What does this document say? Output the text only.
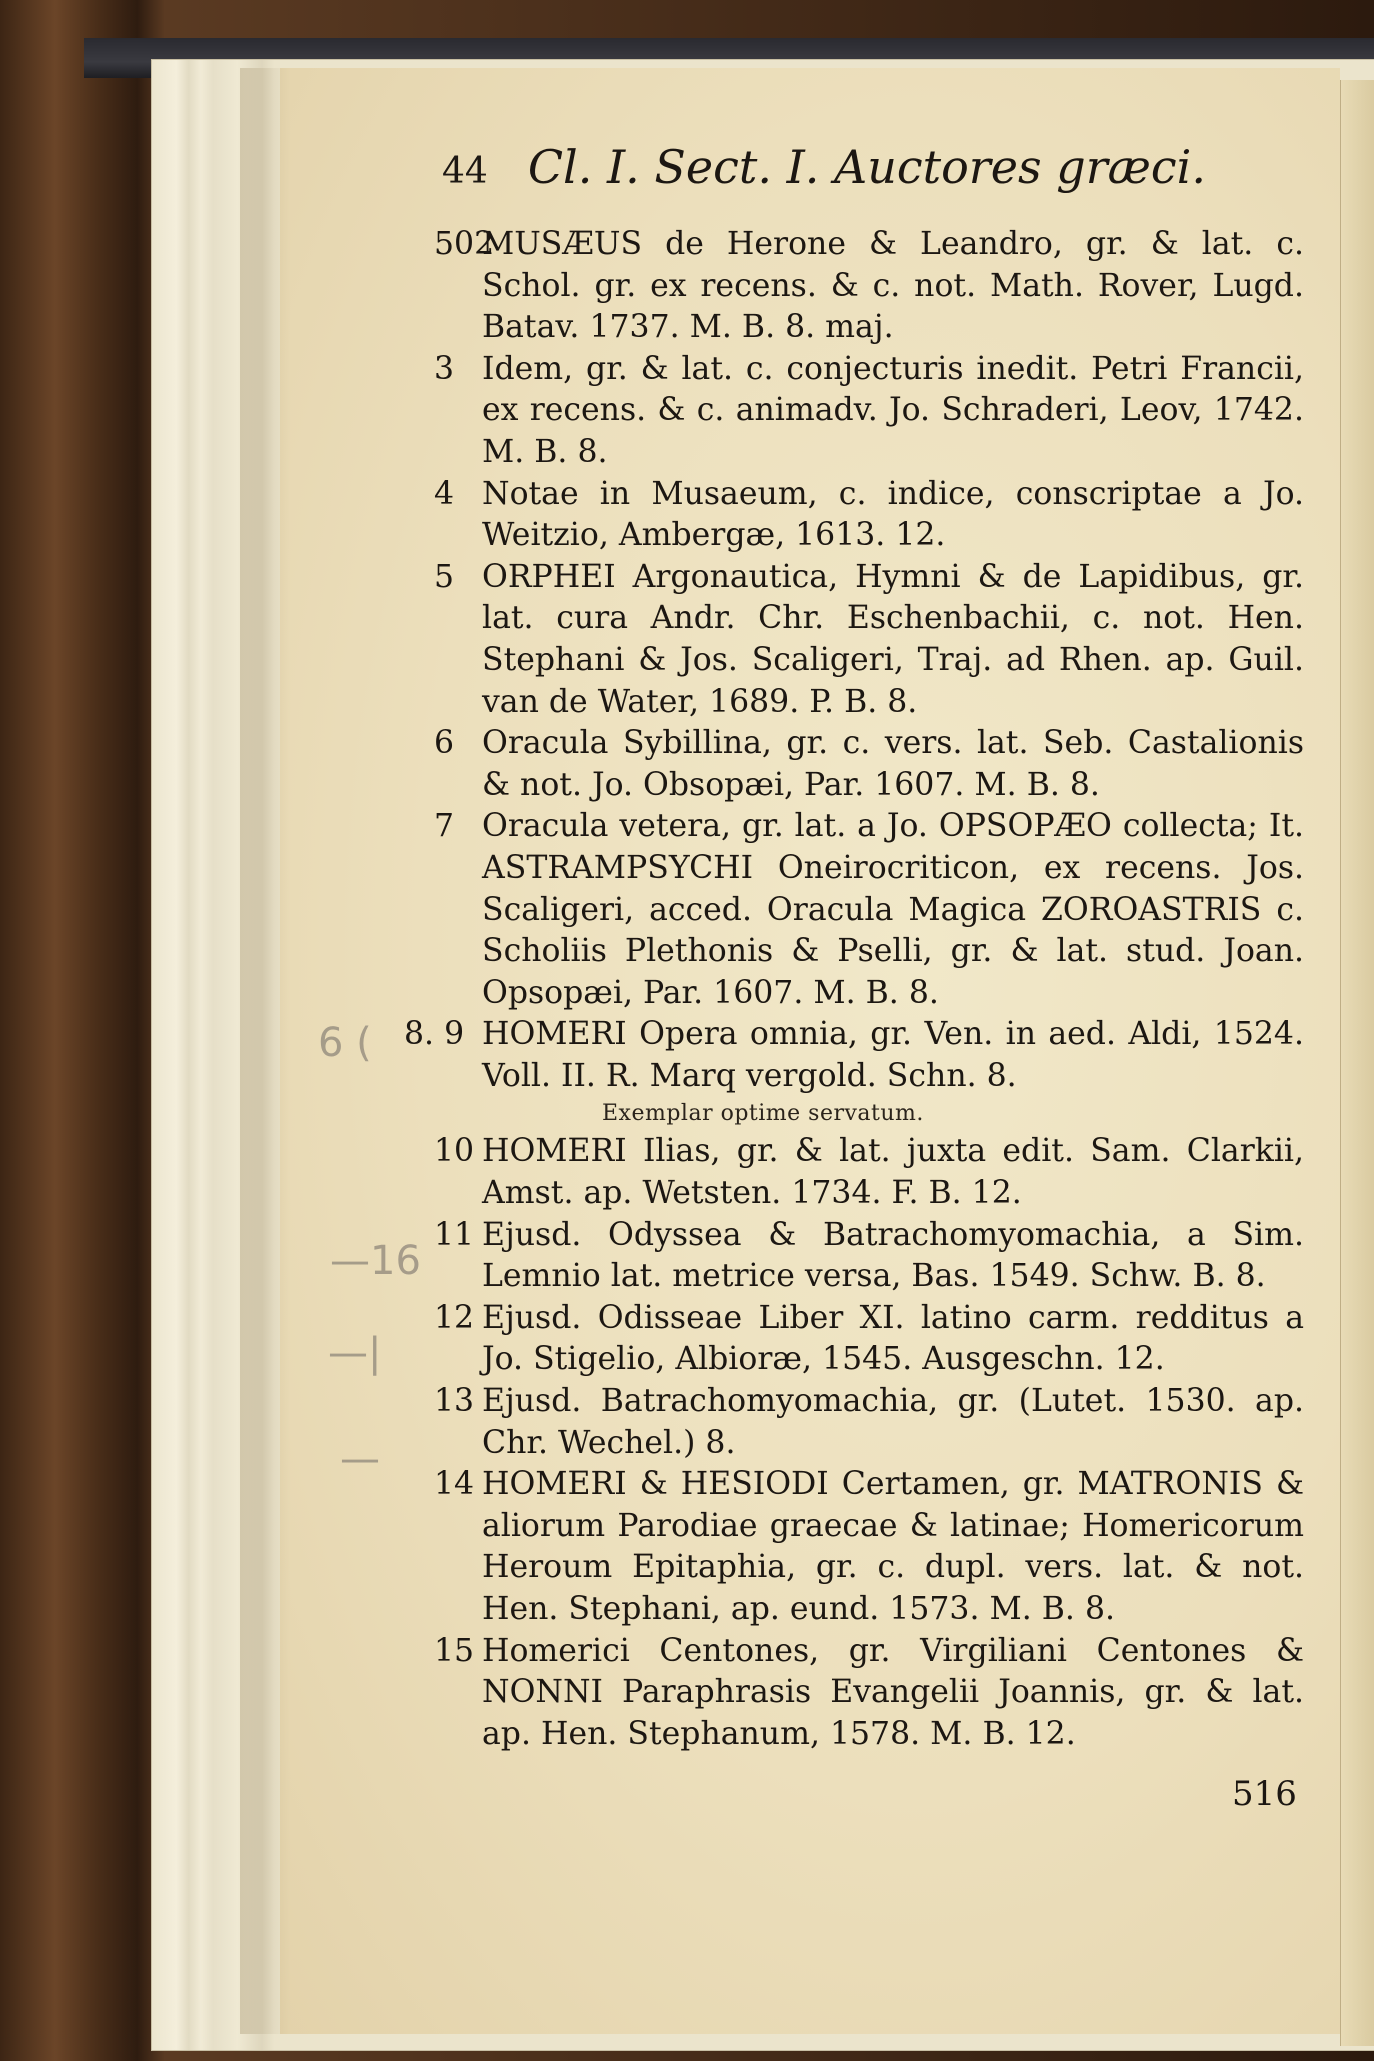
44 Cl. I. Sect. I. Auctores græci.
502
MUSÆUS de Herone & Leandro, gr. & lat. c. Schol. gr. ex recens. & c. not. Math. Rover, Lugd. Batav. 1737. M. B. 8. maj.
3 Idem, gr. & lat. c. conjecturis inedit. Petri Francii, ex recens. & c. animadv. Jo. Schraderi, Leov, 1742. M. B. 8.
4 Notae in Musaeum, c. indice, conscriptae a Jo. Weitzio, Ambergæ, 1613. 12.
5 ORPHEI Argonautica, Hymni & de Lapidibus, gr. lat. cura Andr. Chr. Eschenbachii, c. not. Hen. Stephani & Jos. Scaligeri, Traj. ad Rhen. ap. Guil. van de Water, 1689. P. B. 8.
6 Oracula Sybillina, gr. c. vers. lat. Seb. Castalionis & not. Jo. Obsopæi, Par. 1607. M. B. 8.
7 Oracula vetera, gr. lat. a Jo. OPSOPÆO collecta; It. ASTRAMPSYCHI Oneirocriticon, ex recens. Jos. Scaligeri, acced. Oracula Magica ZOROASTRIS c. Scholiis Plethonis & Pselli, gr. & lat. stud. Joan. Opsopæi, Par. 1607. M. B. 8.
8. 9 HOMERI Opera omnia, gr. Ven. in aed. Aldi, 1524. Voll. II. R. Marq vergold. Schn. 8.
Exemplar optime servatum.
10 HOMERI Ilias, gr. & lat. juxta edit. Sam. Clarkii, Amst. ap. Wetsten. 1734. F. B. 12.
11 Ejusd. Odyssea & Batrachomyomachia, a Sim. Lemnio lat. metrice versa, Bas. 1549. Schw. B. 8.
12 Ejusd. Odisseae Liber XI. latino carm. redditus a Jo. Stigelio, Albioræ, 1545. Ausgeschn. 12.
13 Ejusd. Batrachomyomachia, gr. (Lutet. 1530. ap. Chr. Wechel.) 8.
14 HOMERI & HESIODI Certamen, gr. MATRONIS & aliorum Parodiae graecae & latinae; Homericorum Heroum Epitaphia, gr. c. dupl. vers. lat. & not. Hen. Stephani, ap. eund. 1573. M. B. 8.
15 Homerici Centones, gr. Virgiliani Centones & NONNI Paraphrasis Evangelii Joannis, gr. & lat. ap. Hen. Stephanum, 1578. M. B. 12.
516
6 (
—16
—|
—
